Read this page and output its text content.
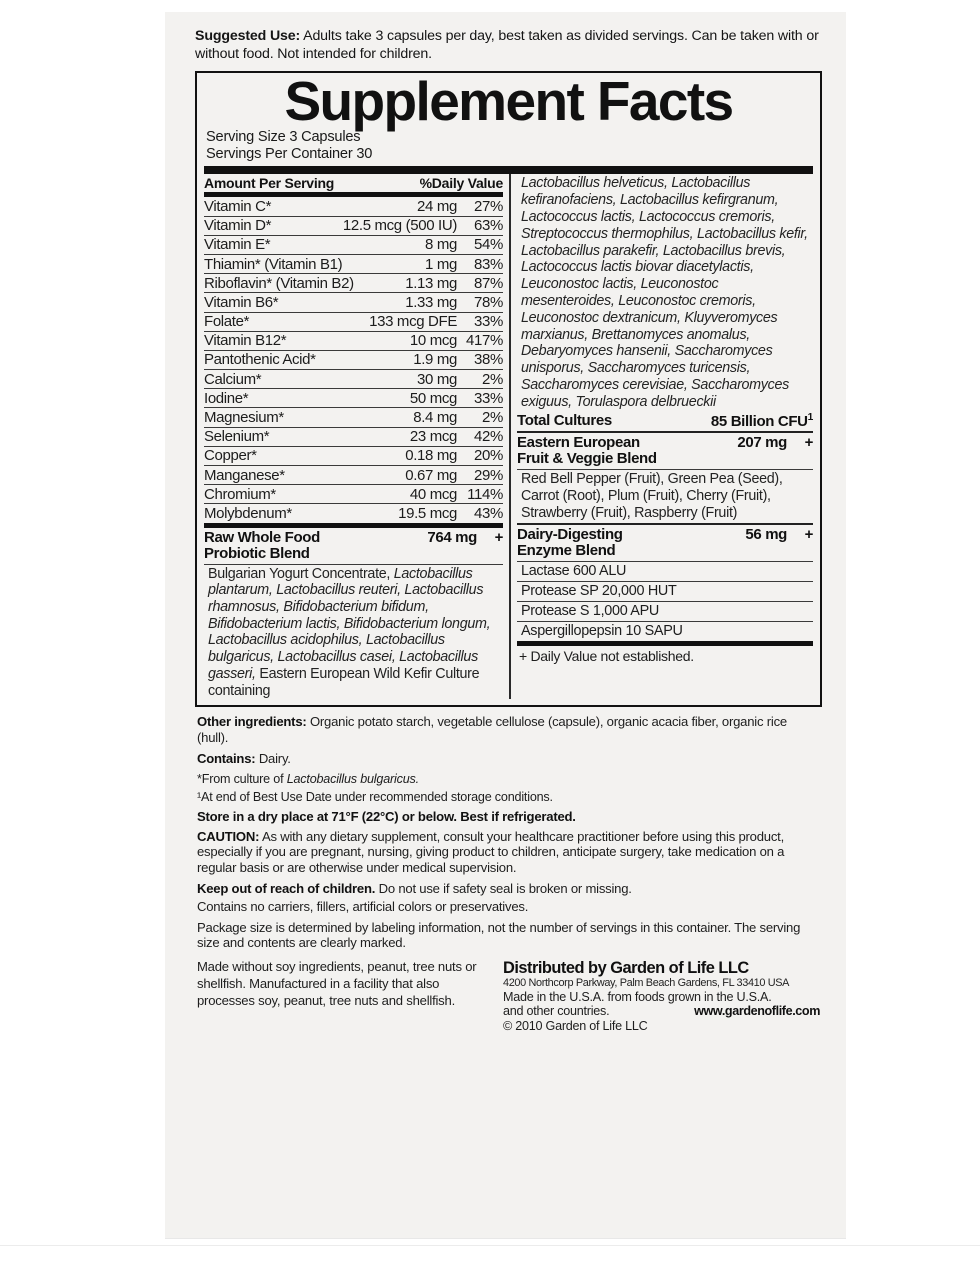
Suggested Use: Adults take 3 capsules per day, best taken as divided servings. Can be taken with or without food. Not intended for children.

Supplement Facts
Serving Size 3 Capsules
Servings Per Container 30
Amount Per Serving	%Daily Value
Vitamin C*	24 mg	27%
Vitamin D*	12.5 mcg (500 IU)	63%
Vitamin E*	8 mg	54%
Thiamin* (Vitamin B1)	1 mg	83%
Riboflavin* (Vitamin B2)	1.13 mg	87%
Vitamin B6*	1.33 mg	78%
Folate*	133 mcg DFE	33%
Vitamin B12*	10 mcg 417%
Pantothenic Acid*	1.9 mg	38%
Calcium*	30 mg	2%
Iodine*	50 mcg	33%
Magnesium*	8.4 mg	2%
Selenium*	23 mcg	42%
Copper*	0.18 mg	20%
Manganese*	0.67 mg	29%
Chromium*	40 mcg 114%
Molybdenum*	19.5 mcg	43%
Raw Whole Food	764 mg	+
Probiotic Blend
Bulgarian Yogurt Concentrate, Lactobacillus plantarum, Lactobacillus reuteri, Lactobacillus rhamnosus, Bifidobacterium bifidum, Bifidobacterium lactis, Bifidobacterium longum, Lactobacillus acidophilus, Lactobacillus bulgaricus, Lactobacillus casei, Lactobacillus gasseri, Eastern European Wild Kefir Culture containing
Lactobacillus helveticus, Lactobacillus kefiranofaciens, Lactobacillus kefirgranum, Lactococcus lactis, Lactococcus cremoris, Streptococcus thermophilus, Lactobacillus kefir, Lactobacillus parakefir, Lactobacillus brevis, Lactococcus lactis biovar diacetylactis, Leuconostoc lactis, Leuconostoc mesenteroides, Leuconostoc cremoris, Leuconostoc dextranicum, Kluyveromyces marxianus, Brettanomyces anomalus, Debaryomyces hansenii, Saccharomyces unisporus, Saccharomyces turicensis, Saccharomyces cerevisiae, Saccharomyces exiguus, Torulaspora delbrueckii
Total Cultures	85 Billion CFU$^1$
Eastern European	207 mg	+
Fruit & Veggie Blend
Red Bell Pepper (Fruit), Green Pea (Seed), Carrot (Root), Plum (Fruit), Cherry (Fruit), Strawberry (Fruit), Raspberry (Fruit)
Dairy-Digesting	56 mg	+
Enzyme Blend
Lactase 600 ALU
Protease SP 20,000 HUT
Protease S 1,000 APU
Aspergillopepsin 10 SAPU
+ Daily Value not established.
Other ingredients: Organic potato starch, vegetable cellulose (capsule), organic acacia fiber, organic rice (hull).
Contains: Dairy.
*From culture of Lactobacillus bulgaricus.
¹At end of Best Use Date under recommended storage conditions.
Store in a dry place at 71°F (22°C) or below. Best if refrigerated.
CAUTION: As with any dietary supplement, consult your healthcare practitioner before using this product, especially if you are pregnant, nursing, giving product to children, anticipate surgery, take medication on a regular basis or are otherwise under medical supervision.
Keep out of reach of children. Do not use if safety seal is broken or missing.
Contains no carriers, fillers, artificial colors or preservatives.
Package size is determined by labeling information, not the number of servings in this container. The serving size and contents are clearly marked.
Made without soy ingredients, peanut, tree nuts or shellfish. Manufactured in a facility that also processes soy, peanut, tree nuts and shellfish.
Distributed by Garden of Life LLC
4200 Northcorp Parkway, Palm Beach Gardens, FL 33410 USA
Made in the U.S.A. from foods grown in the U.S.A.
and other countries.	www.gardenoflife.com
© 2010 Garden of Life LLC
